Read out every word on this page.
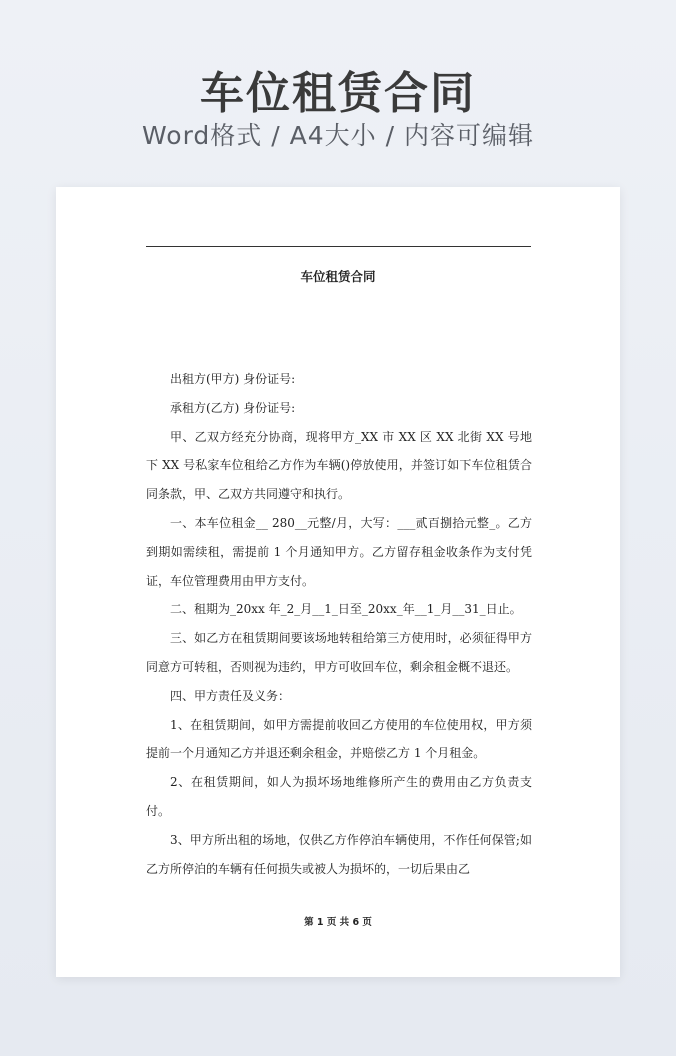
车位租赁合同
Word格式 / A4大小 / 内容可编辑
车位租赁合同

出租方(甲方) 身份证号:

承租方(乙方) 身份证号:

甲、乙双方经充分协商，现将甲方_XX 市 XX 区 XX 北街 XX 号地下 XX 号私家车位租给乙方作为车辆()停放使用，并签订如下车位租赁合同条款，甲、乙双方共同遵守和执行。

一、本车位租金__ 280__元整/月，大写：___贰百捌拾元整_。乙方到期如需续租，需提前 1 个月通知甲方。乙方留存租金收条作为支付凭证，车位管理费用由甲方支付。

二、租期为_20xx 年_2_月__1_日至_20xx_年__1_月__31_日止。

三、如乙方在租赁期间要该场地转租给第三方使用时，必须征得甲方同意方可转租，否则视为违约，甲方可收回车位，剩余租金概不退还。

四、甲方责任及义务：

1、在租赁期间，如甲方需提前收回乙方使用的车位使用权，甲方须提前一个月通知乙方并退还剩余租金，并赔偿乙方 1 个月租金。

2、在租赁期间，如人为损坏场地维修所产生的费用由乙方负责支付。

3、甲方所出租的场地，仅供乙方作停泊车辆使用，不作任何保管;如乙方所停泊的车辆有任何损失或被人为损坏的，一切后果由乙

第 1 页 共 6 页
